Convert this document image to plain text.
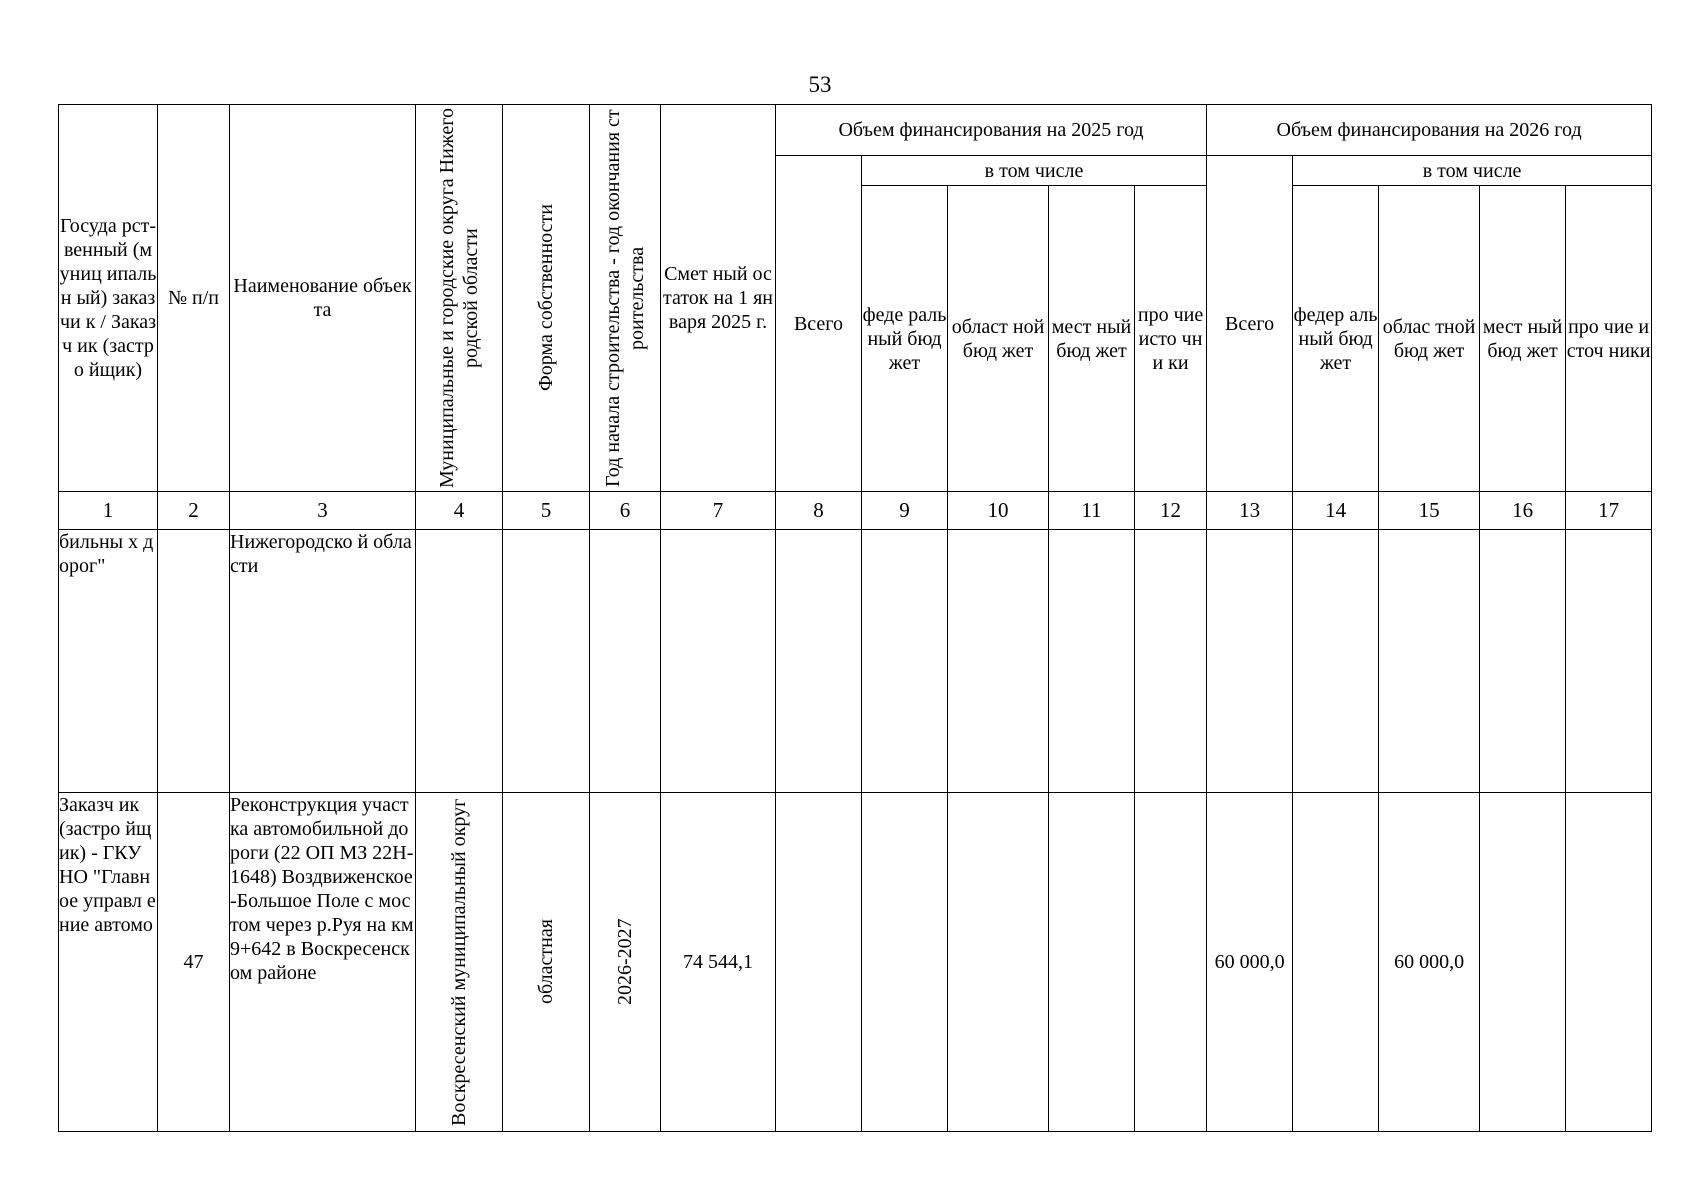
53
Госуда рст-венный (муниц ипальн ый) заказчи к / Заказч ик (застро йщик)	№ п/п	Наименование объекта	Муниципальные и городские округа Нижегородской области	Форма собственности	Год начала строительства - год окончания строительства	Смет ный остаток на 1 января 2025 г.	Объем финансирования на 2025 год					Объем финансирования на 2026 год				
							Всего	в том числе				Всего	в том числе			
								феде раль ный бюд жет	област ной бюд жет	мест ный бюд жет	про чие исто чни ки		федер аль ный бюд жет	облас тной бюд жет	мест ный бюд жет	про чие источ ники
1	2	3	4	5	6	7	8	9	10	11	12	13	14	15	16	17
бильны х дорог"		Нижегородско й области														
Заказч ик (застро йщик) - ГКУ НО "Главн ое управл ение автомо	47	Реконструкция участка автомобильной дороги (22 ОП МЗ 22Н-1648) Воздвиженское -Большое Поле с мостом через р.Руя на км 9+642 в Воскресенском районе	Воскресенский муниципальный округ	областная	2026-2027	74 544,1						60 000,0		60 000,0		
